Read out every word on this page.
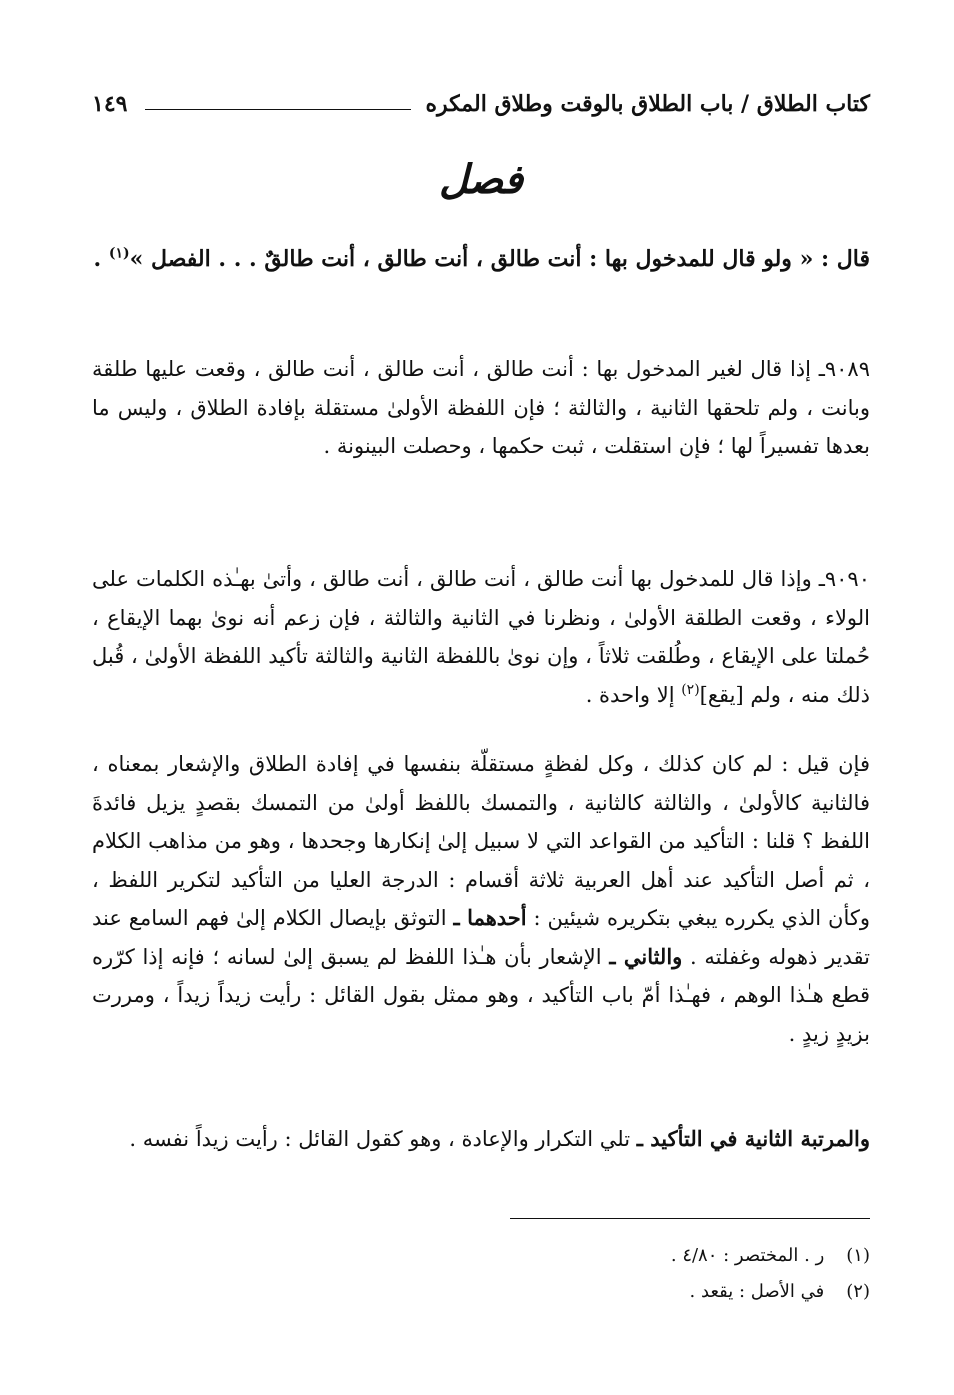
كتاب الطلاق / باب الطلاق بالوقت وطلاق المكره
١٤٩
فصل
قال : « ولو قال للمدخول بها : أنت طالق ، أنت طالق ، أنت طالقٌ . . . الفصل »$^{(١)}$ .
٩٠٨٩ـ إذا قال لغير المدخول بها : أنت طالق ، أنت طالق ، أنت طالق ، وقعت عليها طلقة وبانت ، ولم تلحقها الثانية ، والثالثة ؛ فإن اللفظة الأولىٰ مستقلة بإفادة الطلاق ، وليس ما بعدها تفسيراً لها ؛ فإن استقلت ، ثبت حكمها ، وحصلت البينونة .
٩٠٩٠ـ وإذا قال للمدخول بها أنت طالق ، أنت طالق ، أنت طالق ، وأتىٰ بهـٰذه الكلمات على الولاء ، وقعت الطلقة الأولىٰ ، ونظرنا في الثانية والثالثة ، فإن زعم أنه نوىٰ بهما الإيقاع ، حُملتا على الإيقاع ، وطُلقت ثلاثاً ، وإن نوىٰ باللفظة الثانية والثالثة تأكيد اللفظة الأولىٰ ، قُبل ذلك منه ، ولم [يقع]$^{(٢)}$ إلا واحدة .
فإن قيل : لم كان كذلك ، وكل لفظةٍ مستقلّة بنفسها في إفادة الطلاق والإشعار بمعناه ، فالثانية كالأولىٰ ، والثالثة كالثانية ، والتمسك باللفظ أولىٰ من التمسك بقصدٍ يزيل فائدةَ اللفظ ؟ قلنا : التأكيد من القواعد التي لا سبيل إلىٰ إنكارها وجحدها ، وهو من مذاهب الكلام ، ثم أصل التأكيد عند أهل العربية ثلاثة أقسام : الدرجة العليا من التأكيد لتكرير اللفظ ، وكأن الذي يكرره يبغي بتكريره شيئين : أحدهما ـ التوثق بإيصال الكلام إلىٰ فهم السامع عند تقدير ذهوله وغفلته . والثاني ـ الإشعار بأن هـٰذا اللفظ لم يسبق إلىٰ لسانه ؛ فإنه إذا كرّره قطع هـٰذا الوهم ، فهـٰذا أمّ باب التأكيد ، وهو ممثل بقول القائل : رأيت زيداً زيداً ، ومررت بزيدٍ زيدٍ .
والمرتبة الثانية في التأكيد ـ تلي التكرار والإعادة ، وهو كقول القائل : رأيت زيداً نفسه .
(١)
ر . المختصر : ٤/٨٠ .
(٢)
في الأصل : يقعد .
